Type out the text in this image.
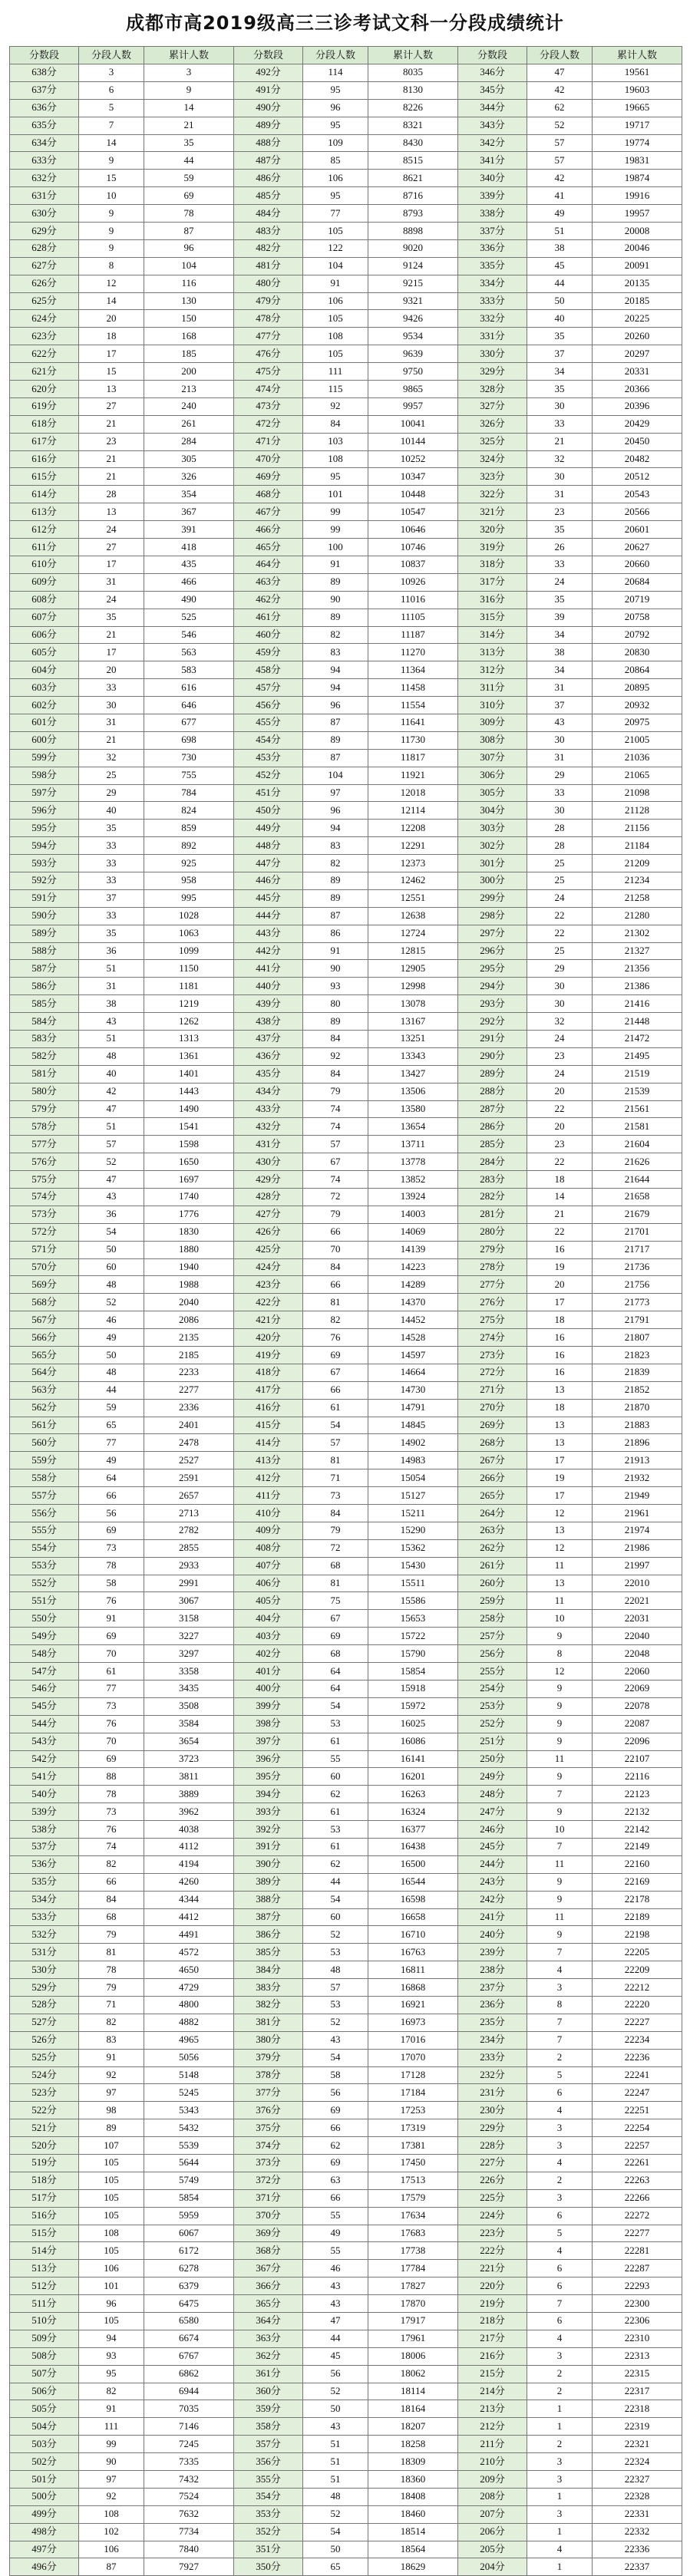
成都市高2019级高三三诊考试文科一分段成绩统计
分数段	分段人数	累计人数	分数段	分段人数	累计人数	分数段	分段人数	累计人数
638分	3	3	492分	114	8035	346分	47	19561
637分	6	9	491分	95	8130	345分	42	19603
636分	5	14	490分	96	8226	344分	62	19665
635分	7	21	489分	95	8321	343分	52	19717
634分	14	35	488分	109	8430	342分	57	19774
633分	9	44	487分	85	8515	341分	57	19831
632分	15	59	486分	106	8621	340分	42	19874
631分	10	69	485分	95	8716	339分	41	19916
630分	9	78	484分	77	8793	338分	49	19957
629分	9	87	483分	105	8898	337分	51	20008
628分	9	96	482分	122	9020	336分	38	20046
627分	8	104	481分	104	9124	335分	45	20091
626分	12	116	480分	91	9215	334分	44	20135
625分	14	130	479分	106	9321	333分	50	20185
624分	20	150	478分	105	9426	332分	40	20225
623分	18	168	477分	108	9534	331分	35	20260
622分	17	185	476分	105	9639	330分	37	20297
621分	15	200	475分	111	9750	329分	34	20331
620分	13	213	474分	115	9865	328分	35	20366
619分	27	240	473分	92	9957	327分	30	20396
618分	21	261	472分	84	10041	326分	33	20429
617分	23	284	471分	103	10144	325分	21	20450
616分	21	305	470分	108	10252	324分	32	20482
615分	21	326	469分	95	10347	323分	30	20512
614分	28	354	468分	101	10448	322分	31	20543
613分	13	367	467分	99	10547	321分	23	20566
612分	24	391	466分	99	10646	320分	35	20601
611分	27	418	465分	100	10746	319分	26	20627
610分	17	435	464分	91	10837	318分	33	20660
609分	31	466	463分	89	10926	317分	24	20684
608分	24	490	462分	90	11016	316分	35	20719
607分	35	525	461分	89	11105	315分	39	20758
606分	21	546	460分	82	11187	314分	34	20792
605分	17	563	459分	83	11270	313分	38	20830
604分	20	583	458分	94	11364	312分	34	20864
603分	33	616	457分	94	11458	311分	31	20895
602分	30	646	456分	96	11554	310分	37	20932
601分	31	677	455分	87	11641	309分	43	20975
600分	21	698	454分	89	11730	308分	30	21005
599分	32	730	453分	87	11817	307分	31	21036
598分	25	755	452分	104	11921	306分	29	21065
597分	29	784	451分	97	12018	305分	33	21098
596分	40	824	450分	96	12114	304分	30	21128
595分	35	859	449分	94	12208	303分	28	21156
594分	33	892	448分	83	12291	302分	28	21184
593分	33	925	447分	82	12373	301分	25	21209
592分	33	958	446分	89	12462	300分	25	21234
591分	37	995	445分	89	12551	299分	24	21258
590分	33	1028	444分	87	12638	298分	22	21280
589分	35	1063	443分	86	12724	297分	22	21302
588分	36	1099	442分	91	12815	296分	25	21327
587分	51	1150	441分	90	12905	295分	29	21356
586分	31	1181	440分	93	12998	294分	30	21386
585分	38	1219	439分	80	13078	293分	30	21416
584分	43	1262	438分	89	13167	292分	32	21448
583分	51	1313	437分	84	13251	291分	24	21472
582分	48	1361	436分	92	13343	290分	23	21495
581分	40	1401	435分	84	13427	289分	24	21519
580分	42	1443	434分	79	13506	288分	20	21539
579分	47	1490	433分	74	13580	287分	22	21561
578分	51	1541	432分	74	13654	286分	20	21581
577分	57	1598	431分	57	13711	285分	23	21604
576分	52	1650	430分	67	13778	284分	22	21626
575分	47	1697	429分	74	13852	283分	18	21644
574分	43	1740	428分	72	13924	282分	14	21658
573分	36	1776	427分	79	14003	281分	21	21679
572分	54	1830	426分	66	14069	280分	22	21701
571分	50	1880	425分	70	14139	279分	16	21717
570分	60	1940	424分	84	14223	278分	19	21736
569分	48	1988	423分	66	14289	277分	20	21756
568分	52	2040	422分	81	14370	276分	17	21773
567分	46	2086	421分	82	14452	275分	18	21791
566分	49	2135	420分	76	14528	274分	16	21807
565分	50	2185	419分	69	14597	273分	16	21823
564分	48	2233	418分	67	14664	272分	16	21839
563分	44	2277	417分	66	14730	271分	13	21852
562分	59	2336	416分	61	14791	270分	18	21870
561分	65	2401	415分	54	14845	269分	13	21883
560分	77	2478	414分	57	14902	268分	13	21896
559分	49	2527	413分	81	14983	267分	17	21913
558分	64	2591	412分	71	15054	266分	19	21932
557分	66	2657	411分	73	15127	265分	17	21949
556分	56	2713	410分	84	15211	264分	12	21961
555分	69	2782	409分	79	15290	263分	13	21974
554分	73	2855	408分	72	15362	262分	12	21986
553分	78	2933	407分	68	15430	261分	11	21997
552分	58	2991	406分	81	15511	260分	13	22010
551分	76	3067	405分	75	15586	259分	11	22021
550分	91	3158	404分	67	15653	258分	10	22031
549分	69	3227	403分	69	15722	257分	9	22040
548分	70	3297	402分	68	15790	256分	8	22048
547分	61	3358	401分	64	15854	255分	12	22060
546分	77	3435	400分	64	15918	254分	9	22069
545分	73	3508	399分	54	15972	253分	9	22078
544分	76	3584	398分	53	16025	252分	9	22087
543分	70	3654	397分	61	16086	251分	9	22096
542分	69	3723	396分	55	16141	250分	11	22107
541分	88	3811	395分	60	16201	249分	9	22116
540分	78	3889	394分	62	16263	248分	7	22123
539分	73	3962	393分	61	16324	247分	9	22132
538分	76	4038	392分	53	16377	246分	10	22142
537分	74	4112	391分	61	16438	245分	7	22149
536分	82	4194	390分	62	16500	244分	11	22160
535分	66	4260	389分	44	16544	243分	9	22169
534分	84	4344	388分	54	16598	242分	9	22178
533分	68	4412	387分	60	16658	241分	11	22189
532分	79	4491	386分	52	16710	240分	9	22198
531分	81	4572	385分	53	16763	239分	7	22205
530分	78	4650	384分	48	16811	238分	4	22209
529分	79	4729	383分	57	16868	237分	3	22212
528分	71	4800	382分	53	16921	236分	8	22220
527分	82	4882	381分	52	16973	235分	7	22227
526分	83	4965	380分	43	17016	234分	7	22234
525分	91	5056	379分	54	17070	233分	2	22236
524分	92	5148	378分	58	17128	232分	5	22241
523分	97	5245	377分	56	17184	231分	6	22247
522分	98	5343	376分	69	17253	230分	4	22251
521分	89	5432	375分	66	17319	229分	3	22254
520分	107	5539	374分	62	17381	228分	3	22257
519分	105	5644	373分	69	17450	227分	4	22261
518分	105	5749	372分	63	17513	226分	2	22263
517分	105	5854	371分	66	17579	225分	3	22266
516分	105	5959	370分	55	17634	224分	6	22272
515分	108	6067	369分	49	17683	223分	5	22277
514分	105	6172	368分	55	17738	222分	4	22281
513分	106	6278	367分	46	17784	221分	6	22287
512分	101	6379	366分	43	17827	220分	6	22293
511分	96	6475	365分	43	17870	219分	7	22300
510分	105	6580	364分	47	17917	218分	6	22306
509分	94	6674	363分	44	17961	217分	4	22310
508分	93	6767	362分	45	18006	216分	3	22313
507分	95	6862	361分	56	18062	215分	2	22315
506分	82	6944	360分	52	18114	214分	2	22317
505分	91	7035	359分	50	18164	213分	1	22318
504分	111	7146	358分	43	18207	212分	1	22319
503分	99	7245	357分	51	18258	211分	2	22321
502分	90	7335	356分	51	18309	210分	3	22324
501分	97	7432	355分	51	18360	209分	3	22327
500分	92	7524	354分	48	18408	208分	1	22328
499分	108	7632	353分	52	18460	207分	3	22331
498分	102	7734	352分	54	18514	206分	1	22332
497分	106	7840	351分	50	18564	205分	4	22336
496分	87	7927	350分	65	18629	204分	1	22337
